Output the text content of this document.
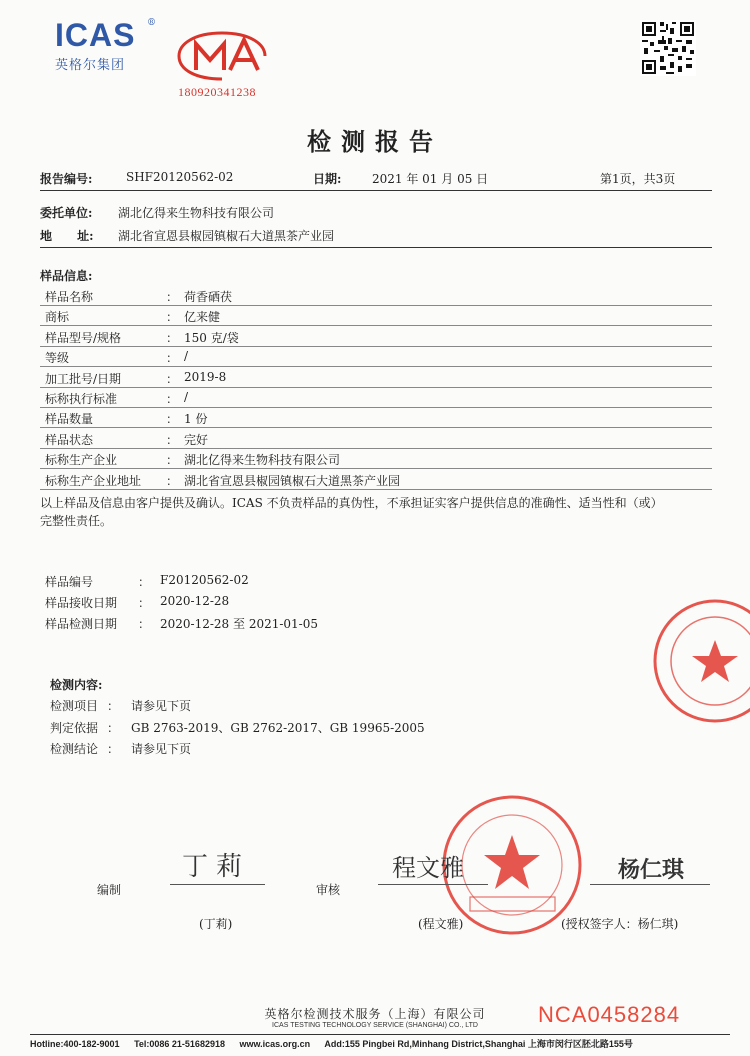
ICAS	®
英格尔集团
18092034123​8
检测报告
报告编号:	SHF20120562-02	日期:	2021 年 01 月 05 日	第1页，共3页
委托单位: 湖北亿得来生物科技有限公司
地      址: 湖北省宣恩县椒园镇椒石大道黑茶产业园
样品信息:
样品名称	： 荷香硒茯
商标	： 亿来健
样品型号/规格	： 150 克/袋
等级	： /
加工批号/日期	： 2019-8
标称执行标准	： /
样品数量	： 1 份
样品状态	： 完好
标称生产企业	： 湖北亿得来生物科技有限公司
标称生产企业地址 ： 湖北省宣恩县椒园镇椒石大道黑茶产业园
以上样品及信息由客户提供及确认。ICAS 不负责样品的真伪性，不承担证实客户提供信息的准确性、适当性和（或）
完整性责任。
样品编号	： F20120562-02
样品接收日期 ： 2020-12-28
样品检测日期 ： 2020-12-28 至 2021-01-05
检测内容:
检测项目 ： 请参见下页
判定依据 ： GB 2763-2019、GB 2762-2017、GB 19965-2005
检测结论 ： 请参见下页
编制
丁莉
(丁莉)
审核
程文雅
(程文雅)
杨仁琪
(授权签字人：杨仁琪)
英格尔检测技术服务（上海）有限公司
ICAS TESTING TECHNOLOGY SERVICE (SHANGHAI) CO., LTD	NCA0458284
Hotline:400-182-9001 Tel:0086 21-51682918 www.icas.org.cn Add:155 Pingbei Rd,Minhang District,Shanghai 上海市闵行区胚北路155号
